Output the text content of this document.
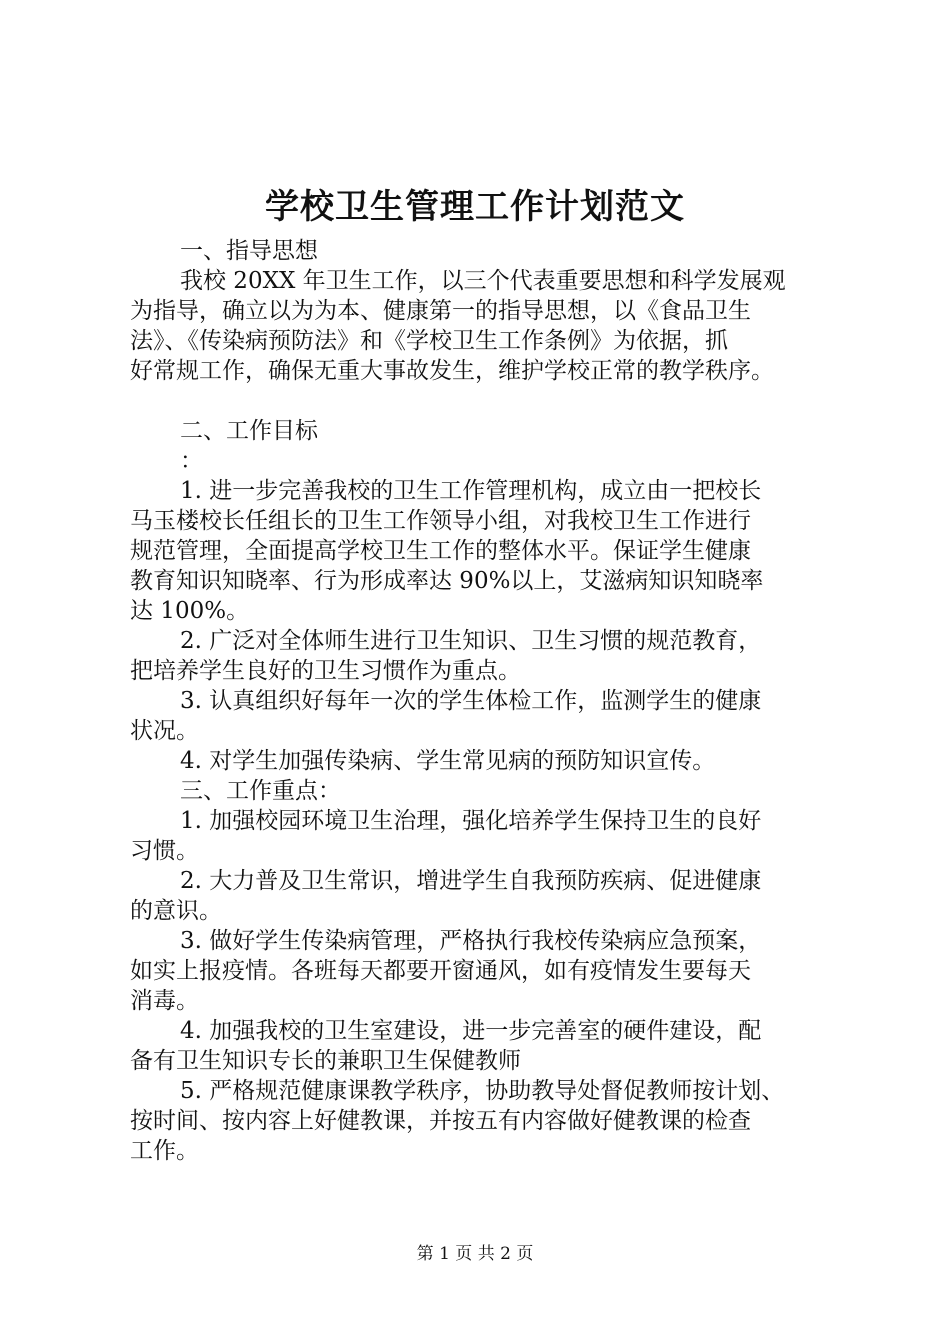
学校卫生管理工作计划范文

一、指导思想

我校 20XX 年卫生工作，以三个代表重要思想和科学发展观

为指导，确立以为为本、健康第一的指导思想，以《食品卫生

法》、《传染病预防法》和《学校卫生工作条例》为依据，抓

好常规工作，确保无重大事故发生，维护学校正常的教学秩序。

二、工作目标

：

1. 进一步完善我校的卫生工作管理机构，成立由一把校长

马玉楼校长任组长的卫生工作领导小组，对我校卫生工作进行

规范管理，全面提高学校卫生工作的整体水平。保证学生健康

教育知识知晓率、行为形成率达 90%以上，艾滋病知识知晓率

达 100%。

2. 广泛对全体师生进行卫生知识、卫生习惯的规范教育，

把培养学生良好的卫生习惯作为重点。

3. 认真组织好每年一次的学生体检工作，监测学生的健康

状况。

4. 对学生加强传染病、学生常见病的预防知识宣传。

三、工作重点：

1. 加强校园环境卫生治理，强化培养学生保持卫生的良好

习惯。

2. 大力普及卫生常识，增进学生自我预防疾病、促进健康

的意识。

3. 做好学生传染病管理，严格执行我校传染病应急预案，

如实上报疫情。各班每天都要开窗通风，如有疫情发生要每天

消毒。

4. 加强我校的卫生室建设，进一步完善室的硬件建设，配

备有卫生知识专长的兼职卫生保健教师

5. 严格规范健康课教学秩序，协助教导处督促教师按计划、

按时间、按内容上好健教课，并按五有内容做好健教课的检查

工作。

第 1 页 共 2 页
